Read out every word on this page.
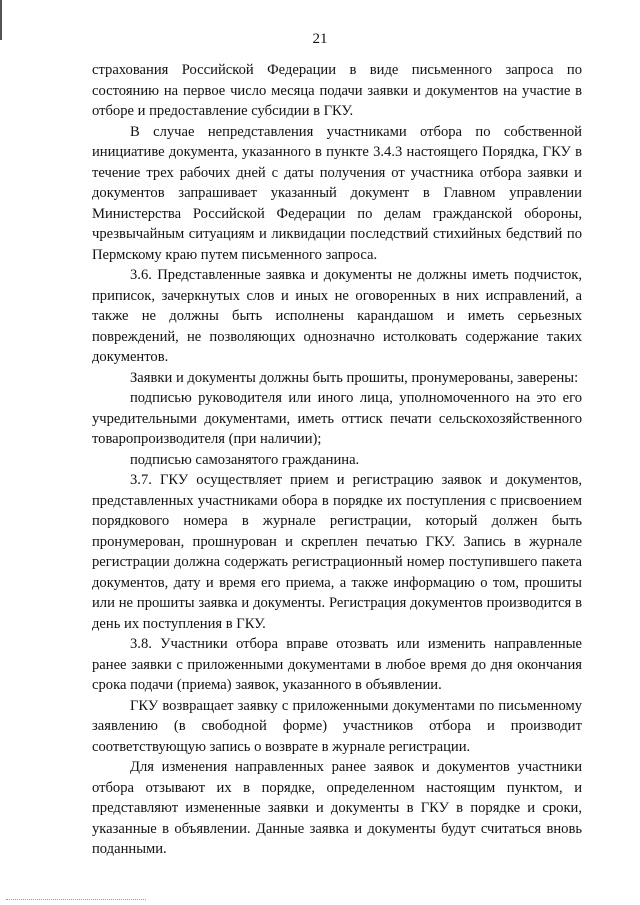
21

страхования Российской Федерации в виде письменного запроса по состоянию на первое число месяца подачи заявки и документов на участие в отборе и предоставление субсидии в ГКУ.

В случае непредставления участниками отбора по собственной инициативе документа, указанного в пункте 3.4.3 настоящего Порядка, ГКУ в течение трех рабочих дней с даты получения от участника отбора заявки и документов запрашивает указанный документ в Главном управлении Министерства Российской Федерации по делам гражданской обороны, чрезвычайным ситуациям и ликвидации последствий стихийных бедствий по Пермскому краю путем письменного запроса.

3.6. Представленные заявка и документы не должны иметь подчисток, приписок, зачеркнутых слов и иных не оговоренных в них исправлений, а также не должны быть исполнены карандашом и иметь серьезных повреждений, не позволяющих однозначно истолковать содержание таких документов.

Заявки и документы должны быть прошиты, пронумерованы, заверены:

подписью руководителя или иного лица, уполномоченного на это его учредительными документами, иметь оттиск печати сельскохозяйственного товаропроизводителя (при наличии);

подписью самозанятого гражданина.

3.7. ГКУ осуществляет прием и регистрацию заявок и документов, представленных участниками обора в порядке их поступления с присвоением порядкового номера в журнале регистрации, который должен быть пронумерован, прошнурован и скреплен печатью ГКУ. Запись в журнале регистрации должна содержать регистрационный номер поступившего пакета документов, дату и время его приема, а также информацию о том, прошиты или не прошиты заявка и документы. Регистрация документов производится в день их поступления в ГКУ.

3.8. Участники отбора вправе отозвать или изменить направленные ранее заявки с приложенными документами в любое время до дня окончания срока подачи (приема) заявок, указанного в объявлении.

ГКУ возвращает заявку с приложенными документами по письменному заявлению (в свободной форме) участников отбора и производит соответствующую запись о возврате в журнале регистрации.

Для изменения направленных ранее заявок и документов участники отбора отзывают их в порядке, определенном настоящим пунктом, и представляют измененные заявки и документы в ГКУ в порядке и сроки, указанные в объявлении. Данные заявка и документы будут считаться вновь поданными.
